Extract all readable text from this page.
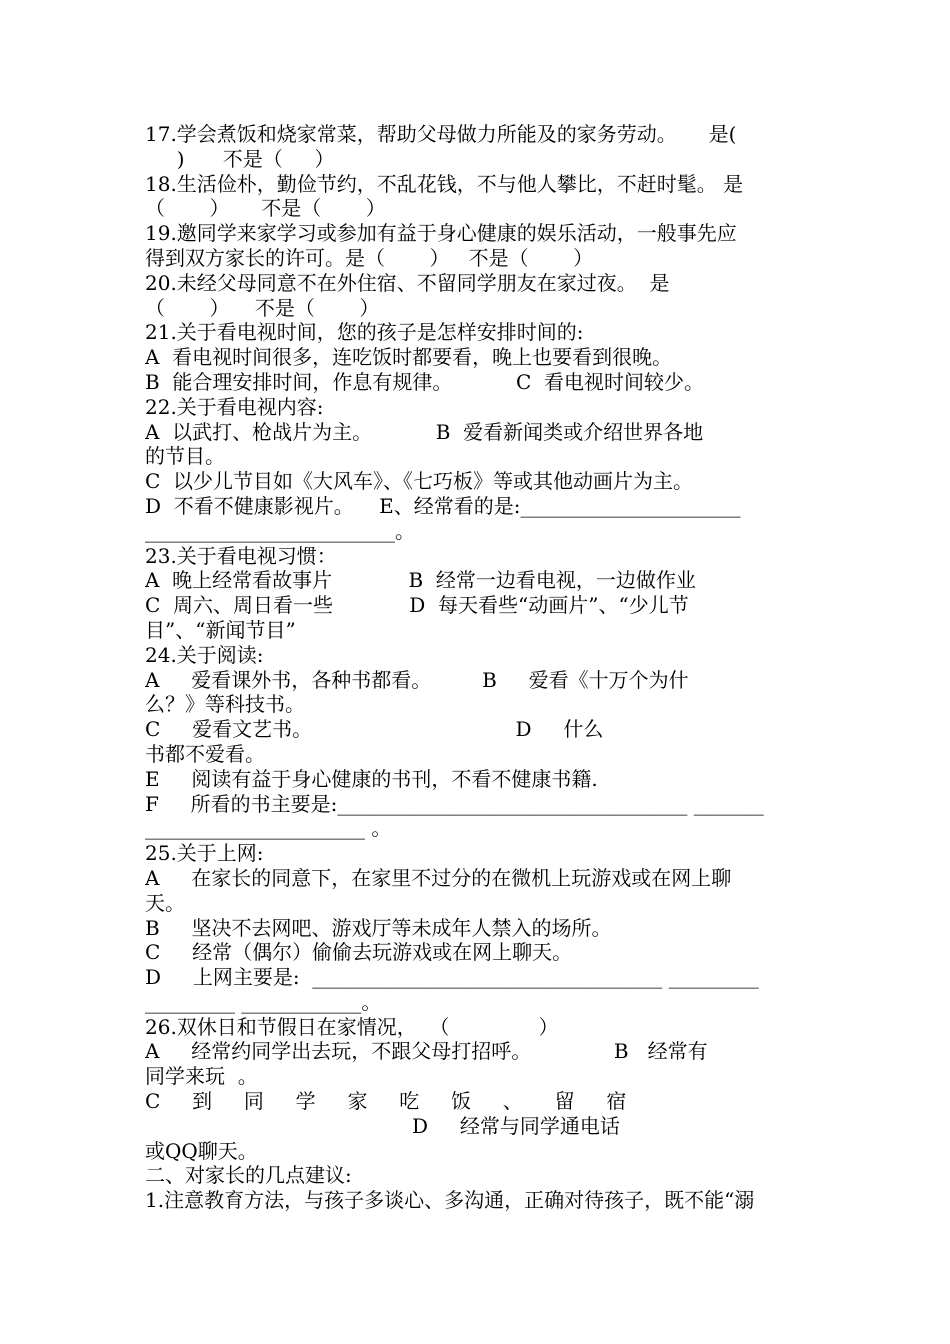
17.学会煮饭和烧家常菜，帮助父母做力所能及的家务劳动。     是(
)      不是（     ）
18.生活俭朴，勤俭节约，不乱花钱，不与他人攀比，不赶时髦。 是
（       ）     不是（       ）
19.邀同学来家学习或参加有益于身心健康的娱乐活动，一般事先应
得到双方家长的许可。是（       ）   不是（       ）
20.未经父母同意不在外住宿、不留同学朋友在家过夜。  是
（       ）    不是（       ）
21.关于看电视时间，您的孩子是怎样安排时间的:
A  看电视时间很多，连吃饭时都要看，晚上也要看到很晚。
B  能合理安排时间，作息有规律。          C  看电视时间较少。
22.关于看电视内容:
A  以武打、枪战片为主。          B  爱看新闻类或介绍世界各地
的节目。
C  以少儿节目如《大风车》、《七巧板》等或其他动画片为主。
D  不看不健康影视片。    E、经常看的是:______________________
_________________________。
23.关于看电视习惯：
A  晚上经常看故事片            B  经常一边看电视，一边做作业
C  周六、周日看一些            D  每天看些“动画片”、“少儿节
目”、“新闻节目”
24.关于阅读:
A     爱看课外书，各种书都看。        B     爱看《十万个为什
么？》等科技书。
C     爱看文艺书。                                D     什么
书都不爱看。
E     阅读有益于身心健康的书刊，不看不健康书籍.
F     所看的书主要是:___________________________________ _______
______________________ 。
25.关于上网:
A     在家长的同意下，在家里不过分的在微机上玩游戏或在网上聊
天。
B     坚决不去网吧、游戏厅等未成年人禁入的场所。
C     经常（偶尔）偷偷去玩游戏或在网上聊天。
D     上网主要是:  ___________________________________ _________
_________ ____________。
26.双休日和节假日在家情况，  （              ）
A     经常约同学出去玩，不跟父母打招呼。             B   经常有
同学来玩  。
C     到     同     学     家     吃     饭     、     留     宿
D     经常与同学通电话
或QQ聊天。
二、对家长的几点建议:
1.注意教育方法，与孩子多谈心、多沟通，正确对待孩子，既不能“溺
